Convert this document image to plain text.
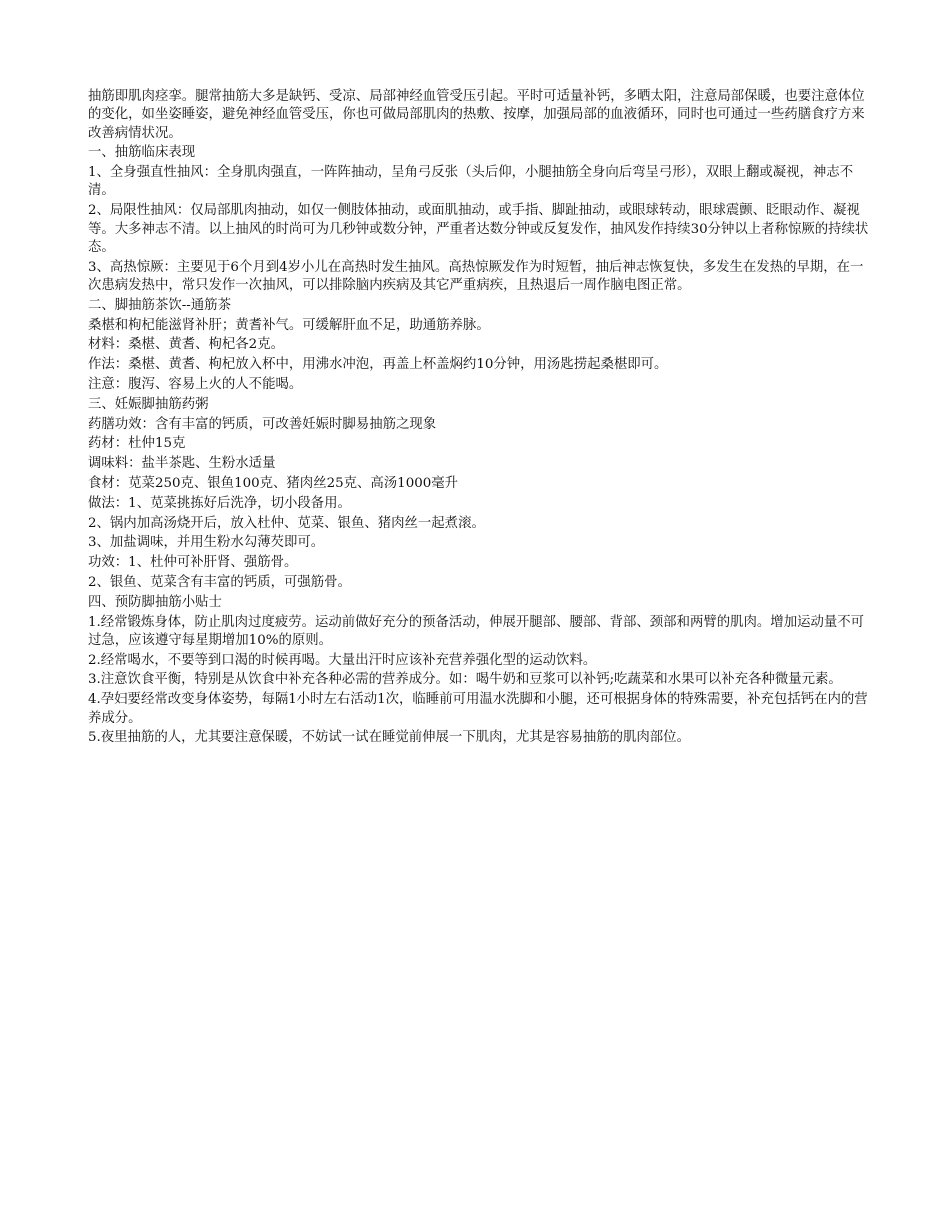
抽筋即肌肉痉挛。腿常抽筋大多是缺钙、受凉、局部神经血管受压引起。平时可适量补钙，多晒太阳，注意局部保暖，也要注意体位的变化，如坐姿睡姿，避免神经血管受压，你也可做局部肌肉的热敷、按摩，加强局部的血液循环，同时也可通过一些药膳食疗方来改善病情状况。

一、抽筋临床表现

1、全身强直性抽风：全身肌肉强直，一阵阵抽动，呈角弓反张（头后仰，小腿抽筋全身向后弯呈弓形），双眼上翻或凝视，神志不清。

2、局限性抽风：仅局部肌肉抽动，如仅一侧肢体抽动，或面肌抽动，或手指、脚趾抽动，或眼球转动，眼球震颤、眨眼动作、凝视等。大多神志不清。以上抽风的时尚可为几秒钟或数分钟，严重者达数分钟或反复发作，抽风发作持续30分钟以上者称惊厥的持续状态。

3、高热惊厥：主要见于6个月到4岁小儿在高热时发生抽风。高热惊厥发作为时短暂，抽后神志恢复快，多发生在发热的早期，在一次患病发热中，常只发作一次抽风，可以排除脑内疾病及其它严重病疾，且热退后一周作脑电图正常。

二、脚抽筋茶饮--通筋茶

桑椹和枸杞能滋肾补肝；黄耆补气。可缓解肝血不足，助通筋养脉。

材料：桑椹、黄耆、枸杞各2克。

作法：桑椹、黄耆、枸杞放入杯中，用沸水冲泡，再盖上杯盖焖约10分钟，用汤匙捞起桑椹即可。

注意：腹泻、容易上火的人不能喝。

三、妊娠脚抽筋药粥

药膳功效：含有丰富的钙质，可改善妊娠时脚易抽筋之现象

药材：杜仲15克

调味料：盐半茶匙、生粉水适量

食材：苋菜250克、银鱼100克、猪肉丝25克、高汤1000毫升

做法：1、苋菜挑拣好后洗净，切小段备用。

2、锅内加高汤烧开后，放入杜仲、苋菜、银鱼、猪肉丝一起煮滚。

3、加盐调味，并用生粉水勾薄芡即可。

功效：1、杜仲可补肝肾、强筋骨。

2、银鱼、苋菜含有丰富的钙质，可强筋骨。

四、预防脚抽筋小贴士

1.经常锻炼身体，防止肌肉过度疲劳。运动前做好充分的预备活动，伸展开腿部、腰部、背部、颈部和两臂的肌肉。增加运动量不可过急，应该遵守每星期增加10%的原则。

2.经常喝水，不要等到口渴的时候再喝。大量出汗时应该补充营养强化型的运动饮料。

3.注意饮食平衡，特别是从饮食中补充各种必需的营养成分。如：喝牛奶和豆浆可以补钙;吃蔬菜和水果可以补充各种微量元素。

4.孕妇要经常改变身体姿势，每隔1小时左右活动1次，临睡前可用温水洗脚和小腿，还可根据身体的特殊需要，补充包括钙在内的营养成分。

5.夜里抽筋的人，尤其要注意保暖，不妨试一试在睡觉前伸展一下肌肉，尤其是容易抽筋的肌肉部位。
